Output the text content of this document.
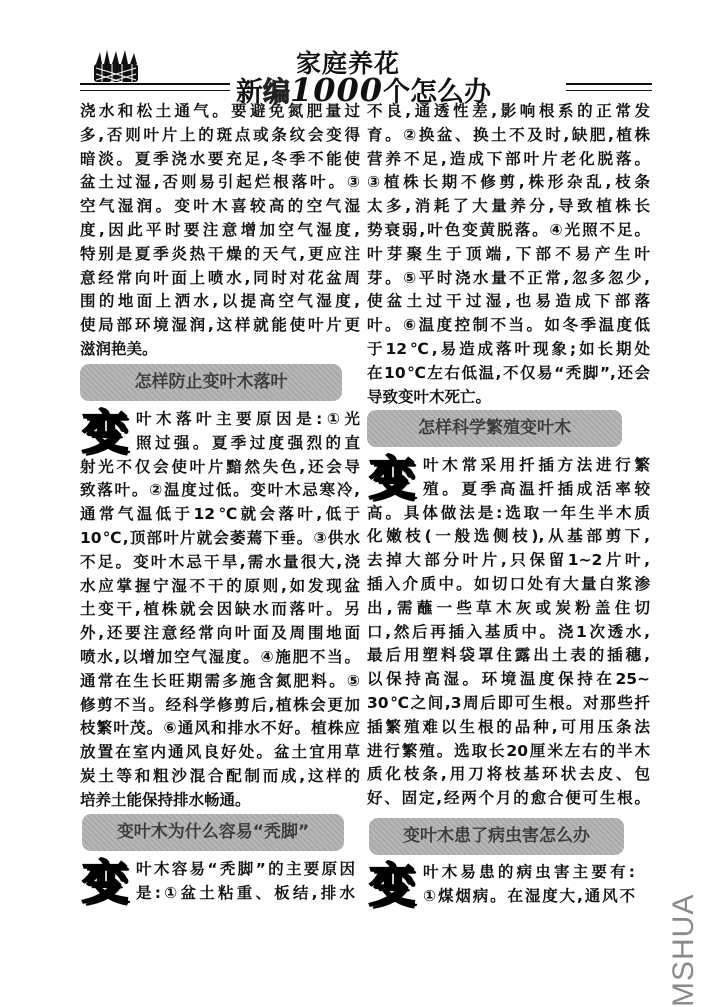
家庭养花
新编1000个怎么办
浇水和松土通气。要避免氮肥量过
多,否则叶片上的斑点或条纹会变得
暗淡。夏季浇水要充足,冬季不能使
盆土过湿,否则易引起烂根落叶。③
空气湿润。变叶木喜较高的空气湿
度,因此平时要注意增加空气湿度,
特别是夏季炎热干燥的天气,更应注
意经常向叶面上喷水,同时对花盆周
围的地面上洒水,以提高空气湿度,
使局部环境湿润,这样就能使叶片更
滋润艳美。
怎样防止变叶木落叶
变 叶木落叶主要原因是:①光
照过强。夏季过度强烈的直
射光不仅会使叶片黯然失色,还会导
致落叶。②温度过低。变叶木忌寒冷,
通常气温低于12℃就会落叶,低于
10℃,顶部叶片就会萎蔫下垂。③供水
不足。变叶木忌干旱,需水量很大,浇
水应掌握宁湿不干的原则,如发现盆
土变干,植株就会因缺水而落叶。另
外,还要注意经常向叶面及周围地面
喷水,以增加空气湿度。④施肥不当。
通常在生长旺期需多施含氮肥料。⑤
修剪不当。经科学修剪后,植株会更加
枝繁叶茂。⑥通风和排水不好。植株应
放置在室内通风良好处。盆土宜用草
炭土等和粗沙混合配制而成,这样的
培养土能保持排水畅通。
变叶木为什么容易“秃脚”
变 叶木容易“秃脚”的主要原因
是:①盆土粘重、板结,排水
不良,通透性差,影响根系的正常发
育。②换盆、换土不及时,缺肥,植株
营养不足,造成下部叶片老化脱落。
③植株长期不修剪,株形杂乱,枝条
太多,消耗了大量养分,导致植株长
势衰弱,叶色变黄脱落。④光照不足。
叶芽聚生于顶端,下部不易产生叶
芽。⑤平时浇水量不正常,忽多忽少,
使盆土过干过湿,也易造成下部落
叶。⑥温度控制不当。如冬季温度低
于12℃,易造成落叶现象;如长期处
在10℃左右低温,不仅易“秃脚”,还会
导致变叶木死亡。
怎样科学繁殖变叶木
变 叶木常采用扦插方法进行繁
殖。夏季高温扦插成活率较
高。具体做法是:选取一年生半木质
化嫩枝(一般选侧枝),从基部剪下,
去掉大部分叶片,只保留1~2片叶,
插入介质中。如切口处有大量白浆渗
出,需蘸一些草木灰或炭粉盖住切
口,然后再插入基质中。浇1次透水,
最后用塑料袋罩住露出土表的插穗,
以保持高湿。环境温度保持在25~
30℃之间,3周后即可生根。对那些扦
插繁殖难以生根的品种,可用压条法
进行繁殖。选取长20厘米左右的半木
质化枝条,用刀将枝基环状去皮、包
好、固定,经两个月的愈合便可生根。
变叶木患了病虫害怎么办
变 叶木易患的病虫害主要有:
①煤烟病。在湿度大,通风不 MSHUA
